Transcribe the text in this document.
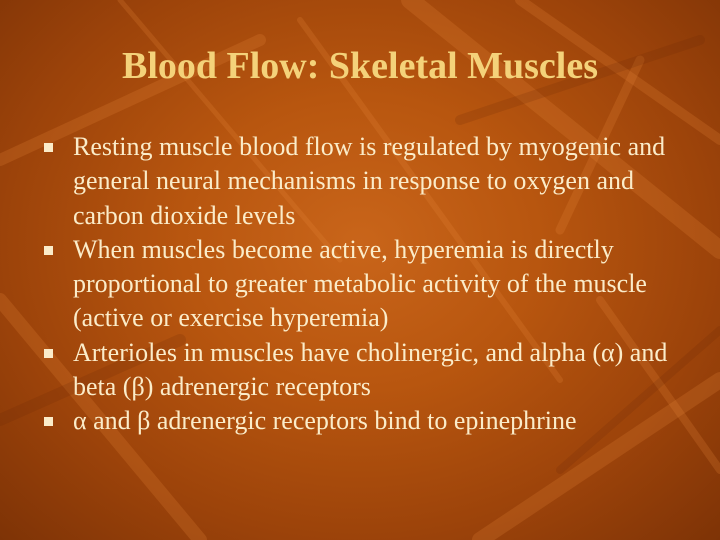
Blood Flow: Skeletal Muscles
Resting muscle blood flow is regulated by myogenic and general neural mechanisms in response to oxygen and carbon dioxide levels
When muscles become active, hyperemia is directly proportional to greater metabolic activity of the muscle (active or exercise hyperemia)
Arterioles in muscles have cholinergic, and alpha (α) and beta (β) adrenergic receptors
α and β adrenergic receptors bind to epinephrine
